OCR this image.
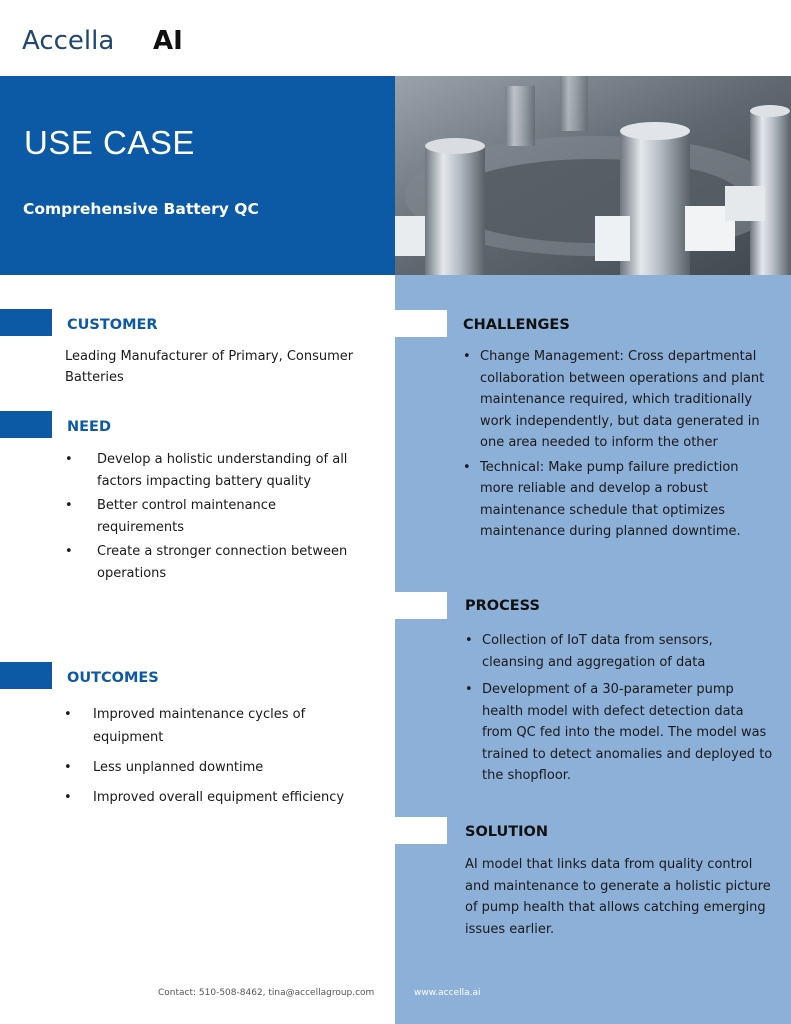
Accella AI
USE CASE
Comprehensive Battery QC
CUSTOMER
Leading Manufacturer of Primary, Consumer Batteries
NEED
• Develop a holistic understanding of all factors impacting battery quality
• Better control maintenance requirements
• Create a stronger connection between operations
OUTCOMES
• Improved maintenance cycles of equipment
• Less unplanned downtime
• Improved overall equipment efficiency
CHALLENGES
• Change Management: Cross departmental collaboration between operations and plant maintenance required, which traditionally work independently, but data generated in one area needed to inform the other
• Technical: Make pump failure prediction more reliable and develop a robust maintenance schedule that optimizes maintenance during planned downtime.
PROCESS
• Collection of IoT data from sensors, cleansing and aggregation of data
• Development of a 30-parameter pump health model with defect detection data from QC fed into the model. The model was trained to detect anomalies and deployed to the shopfloor.
SOLUTION
AI model that links data from quality control and maintenance to generate a holistic picture of pump health that allows catching emerging issues earlier.
Contact: 510-508-8462, tina@accellagroup.com	www.accella.ai
